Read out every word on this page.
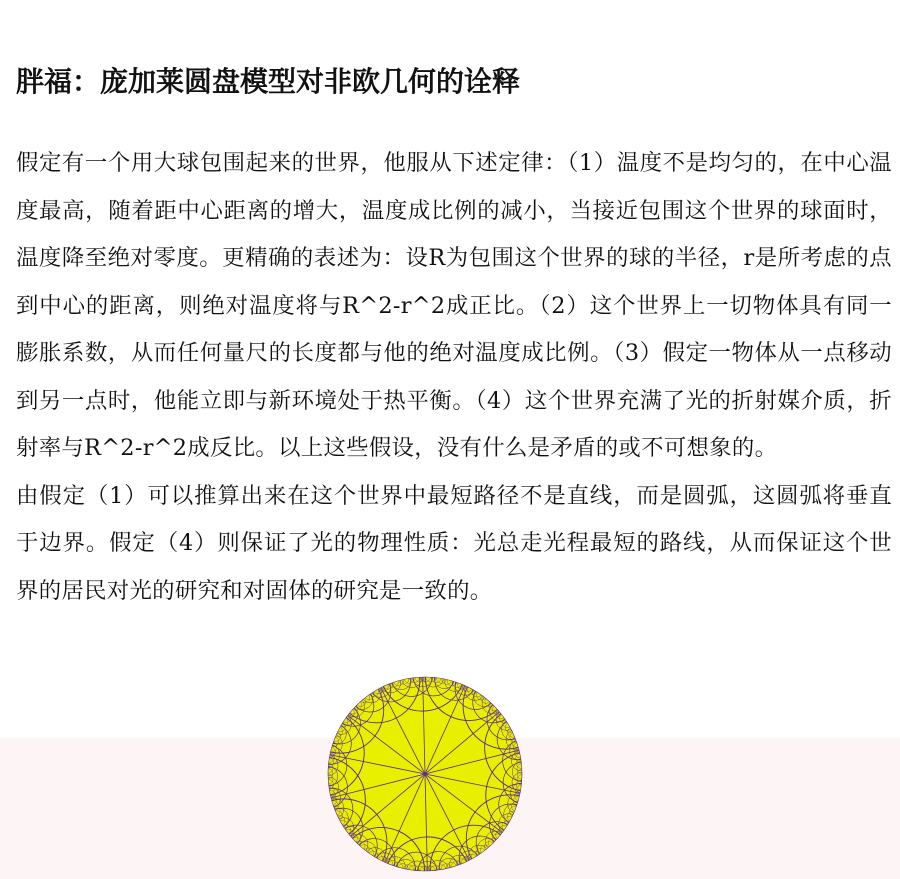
胖福：庞加莱圆盘模型对非欧几何的诠释

假定有一个用大球包围起来的世界，他服从下述定律：（1）温度不是均匀的，在中心温度最高，随着距中心距离的增大，温度成比例的减小，当接近包围这个世界的球面时，温度降至绝对零度。更精确的表述为：设R为包围这个世界的球的半径，r是所考虑的点到中心的距离，则绝对温度将与R^2-r^2成正比。（2）这个世界上一切物体具有同一膨胀系数，从而任何量尺的长度都与他的绝对温度成比例。（3）假定一物体从一点移动到另一点时，他能立即与新环境处于热平衡。（4）这个世界充满了光的折射媒介质，折射率与R^2-r^2成反比。以上这些假设，没有什么是矛盾的或不可想象的。

由假定（1）可以推算出来在这个世界中最短路径不是直线，而是圆弧，这圆弧将垂直于边界。假定（4）则保证了光的物理性质：光总走光程最短的路线，从而保证这个世界的居民对光的研究和对固体的研究是一致的。
